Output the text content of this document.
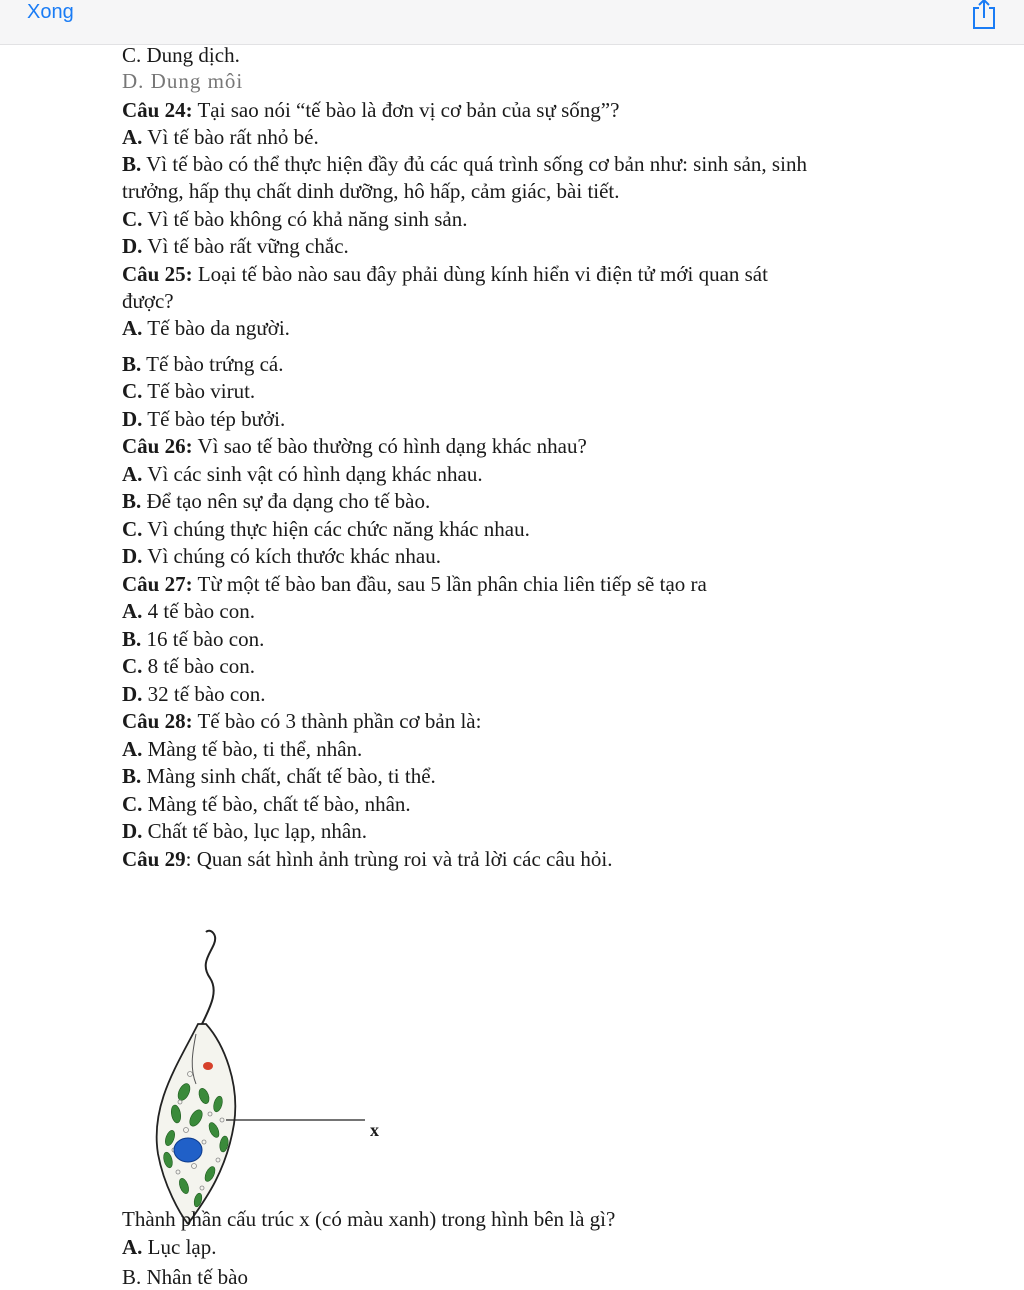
Xong
C. Dung dịch.
D. Dung môi
Câu 24: Tại sao nói “tế bào là đơn vị cơ bản của sự sống”?
A. Vì tế bào rất nhỏ bé.
B. Vì tế bào có thể thực hiện đầy đủ các quá trình sống cơ bản như: sinh sản, sinh
trưởng, hấp thụ chất dinh dưỡng, hô hấp, cảm giác, bài tiết.
C. Vì tế bào không có khả năng sinh sản.
D. Vì tế bào rất vững chắc.
Câu 25: Loại tế bào nào sau đây phải dùng kính hiển vi điện tử mới quan sát
được?
A. Tế bào da người.
B. Tế bào trứng cá.
C. Tế bào virut.
D. Tế bào tép bưởi.
Câu 26: Vì sao tế bào thường có hình dạng khác nhau?
A. Vì các sinh vật có hình dạng khác nhau.
B. Để tạo nên sự đa dạng cho tế bào.
C. Vì chúng thực hiện các chức năng khác nhau.
D. Vì chúng có kích thước khác nhau.
Câu 27: Từ một tế bào ban đầu, sau 5 lần phân chia liên tiếp sẽ tạo ra
A. 4 tế bào con.
B. 16 tế bào con.
C. 8 tế bào con.
D. 32 tế bào con.
Câu 28: Tế bào có 3 thành phần cơ bản là:
A. Màng tế bào, ti thể, nhân.
B. Màng sinh chất, chất tế bào, ti thể.
C. Màng tế bào, chất tế bào, nhân.
D. Chất tế bào, lục lạp, nhân.
Câu 29: Quan sát hình ảnh trùng roi và trả lời các câu hỏi.
x
Thành phần cấu trúc x (có màu xanh) trong hình bên là gì?
A. Lục lạp.
B. Nhân tế bào
